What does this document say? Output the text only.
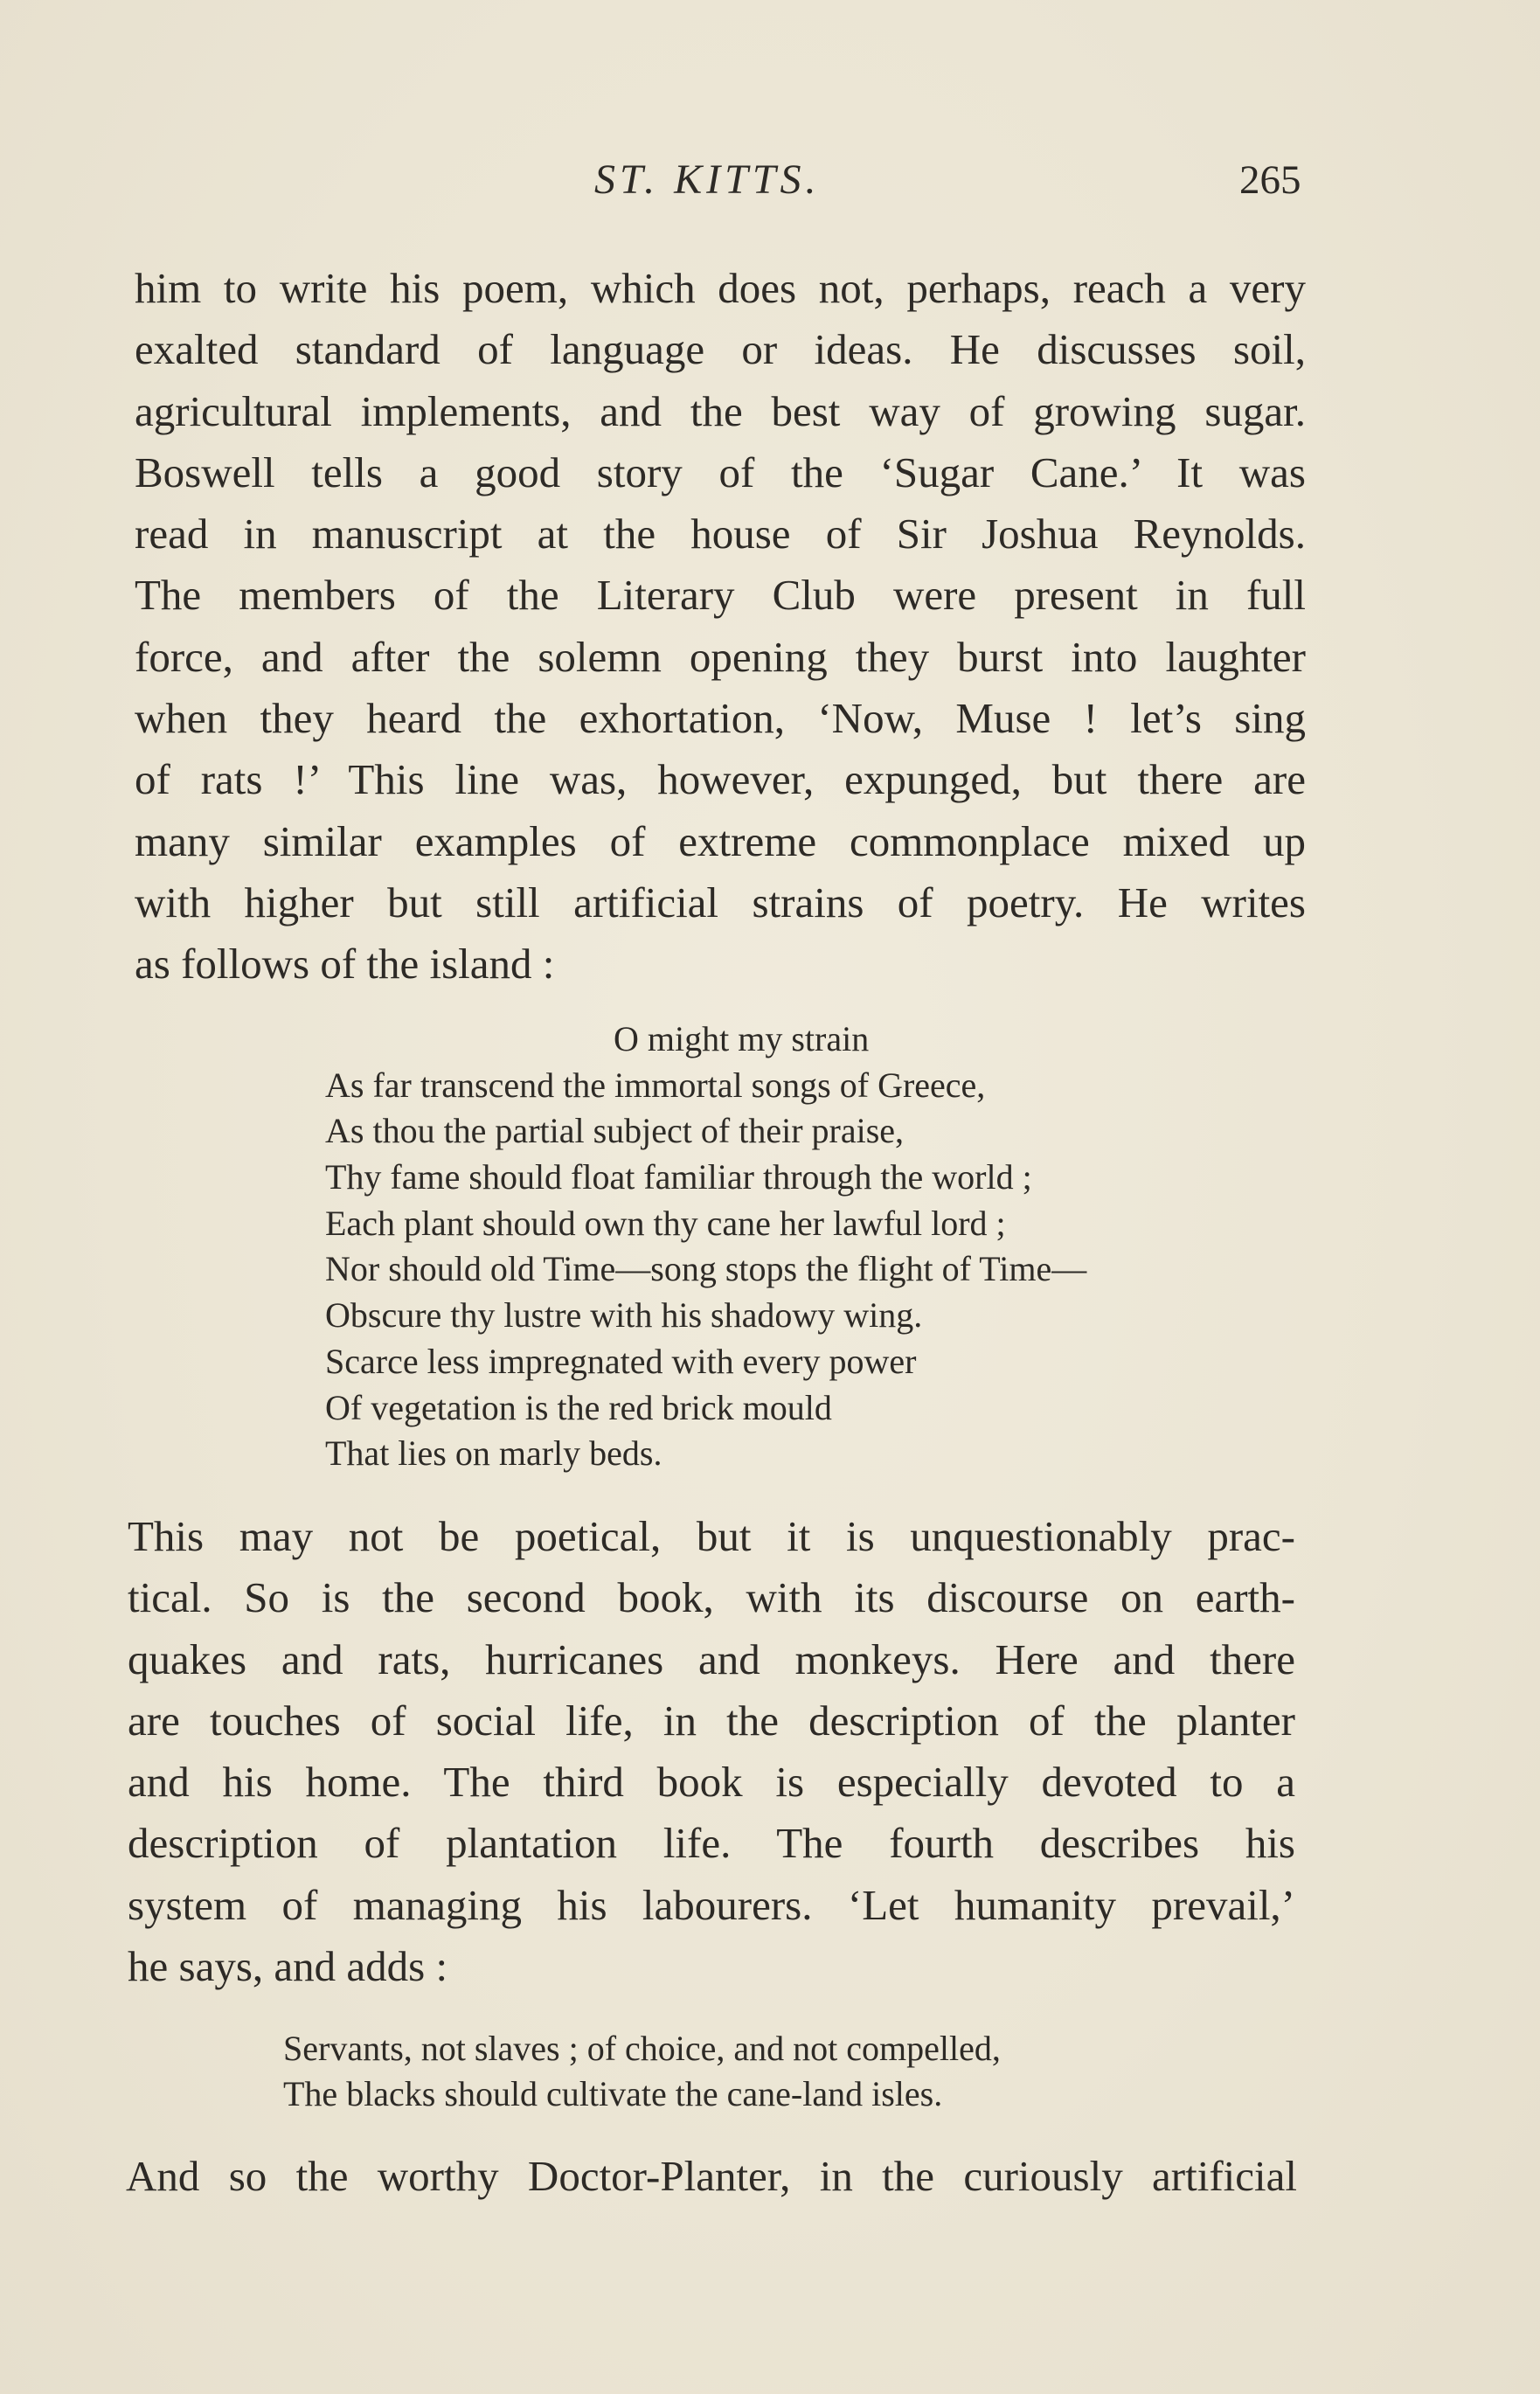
ST. KITTS.	265
him to write his poem, which does not, perhaps, reach a very
exalted standard of language or ideas. He discusses soil,
agricultural implements, and the best way of growing sugar.
Boswell tells a good story of the ‘Sugar Cane.’ It was
read in manuscript at the house of Sir Joshua Reynolds.
The members of the Literary Club were present in full
force, and after the solemn opening they burst into laughter
when they heard the exhortation, ‘Now, Muse ! let’s sing
of rats !’ This line was, however, expunged, but there are
many similar examples of extreme commonplace mixed up
with higher but still artificial strains of poetry. He writes
as follows of the island :
O might my strain
As far transcend the immortal songs of Greece,
As thou the partial subject of their praise,
Thy fame should float familiar through the world ;
Each plant should own thy cane her lawful lord ;
Nor should old Time—song stops the flight of Time—
Obscure thy lustre with his shadowy wing.
Scarce less impregnated with every power
Of vegetation is the red brick mould
That lies on marly beds.
This may not be poetical, but it is unquestionably prac-
tical. So is the second book, with its discourse on earth-
quakes and rats, hurricanes and monkeys. Here and there
are touches of social life, in the description of the planter
and his home. The third book is especially devoted to a
description of plantation life. The fourth describes his
system of managing his labourers. ‘Let humanity prevail,’
he says, and adds :
Servants, not slaves ; of choice, and not compelled,
The blacks should cultivate the cane-land isles.
And so the worthy Doctor-Planter, in the curiously artificial
